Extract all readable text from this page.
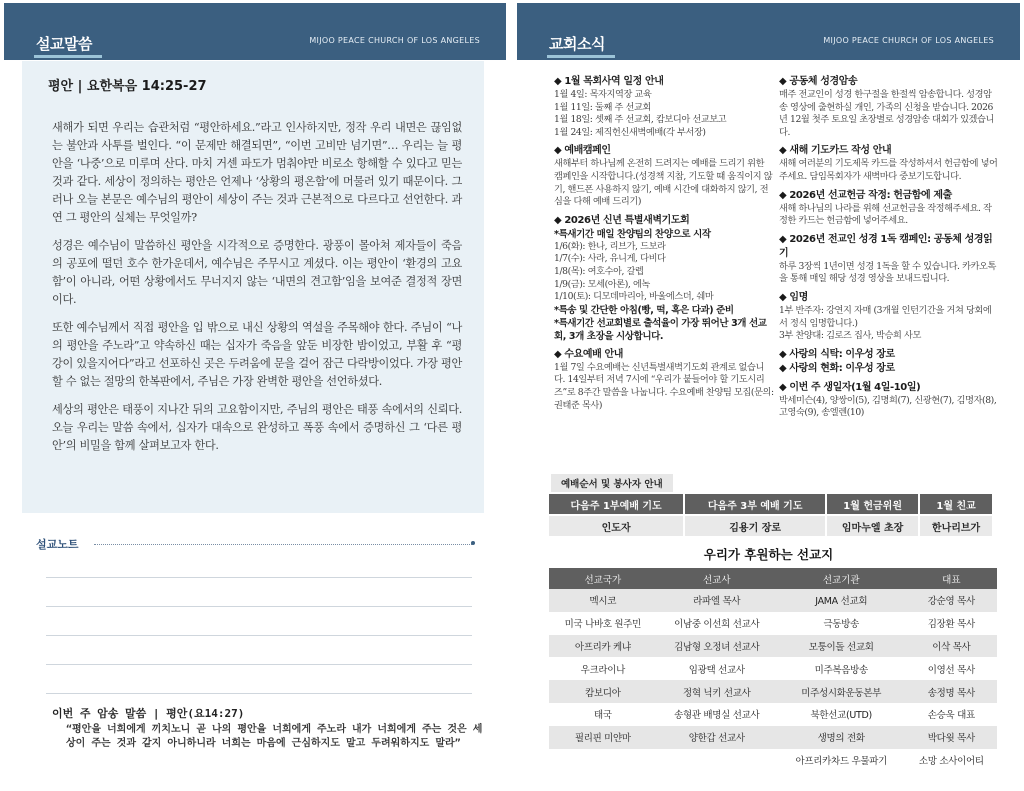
설교말씀	MIJOO PEACE CHURCH OF LOS ANGELES
평안 | 요한복음 14:25-27

새해가 되면 우리는 습관처럼 “평안하세요.”라고 인사하지만, 정작 우리 내면은 끊임없는 불안과 사투를 벌인다. “이 문제만 해결되면”, “이번 고비만 넘기면”… 우리는 늘 평안을 ‘나중’으로 미루며 산다. 마치 거센 파도가 멈춰야만 비로소 항해할 수 있다고 믿는 것과 같다. 세상이 정의하는 평안은 언제나 ‘상황의 평온함’에 머물러 있기 때문이다. 그러나 오늘 본문은 예수님의 평안이 세상이 주는 것과 근본적으로 다르다고 선언한다. 과연 그 평안의 실체는 무엇일까?

성경은 예수님이 말씀하신 평안을 시각적으로 증명한다. 광풍이 몰아쳐 제자들이 죽음의 공포에 떨던 호수 한가운데서, 예수님은 주무시고 계셨다. 이는 평안이 ‘환경의 고요함’이 아니라, 어떤 상황에서도 무너지지 않는 ‘내면의 견고함’임을 보여준 결정적 장면이다.

또한 예수님께서 직접 평안을 입 밖으로 내신 상황의 역설을 주목해야 한다. 주님이 “나의 평안을 주노라”고 약속하신 때는 십자가 죽음을 앞둔 비장한 밤이었고, 부활 후 “평강이 있을지어다”라고 선포하신 곳은 두려움에 문을 걸어 잠근 다락방이었다. 가장 평안할 수 없는 절망의 한복판에서, 주님은 가장 완벽한 평안을 선언하셨다.

세상의 평안은 태풍이 지나간 뒤의 고요함이지만, 주님의 평안은 태풍 속에서의 신뢰다. 오늘 우리는 말씀 속에서, 십자가 대속으로 완성하고 폭풍 속에서 증명하신 그 ‘다른 평안’의 비밀을 함께 살펴보고자 한다.

설교노트
이번 주 암송 말씀 | 평안(요14:27)
“평안을 너희에게 끼치노니 곧 나의 평안을 너희에게 주노라 내가 너희에게 주는 것은 세상이 주는 것과 같지 아니하니라 너희는 마음에 근심하지도 말고 두려워하지도 말라”
교회소식	MIJOO PEACE CHURCH OF LOS ANGELES
◆ 1월 목회사역 일정 안내
1월 4일: 목자지역장 교육
1월 11일: 둘째 주 선교회
1월 18일: 셋째 주 선교회, 캄보디아 선교보고
1월 24일: 제직헌신새벽예배(각 부서장)
◆ 예배캠페인
새해부터 하나님께 온전히 드려지는 예배를 드리기 위한 캠페인을 시작합니다.(성경책 지참, 기도할 때 움직이지 않기, 핸드폰 사용하지 않기, 예배 시간에 대화하지 않기, 전심을 다해 예배 드리기)
◆ 2026년 신년 특별새벽기도회
*특새기간 매일 찬양팀의 찬양으로 시작
1/6(화): 한나, 리브가, 드보라
1/7(수): 사라, 유니게, 다비다
1/8(목): 여호수아, 갈렙
1/9(금): 모세(아론), 에녹
1/10(토): 디모데마리아, 바울에스더, 쉐마
*특송 및 간단한 아침(빵, 떡, 혹은 다과) 준비
*특새기간 선교회별로 출석율이 가장 뛰어난 3개 선교회, 3개 초장을 시상합니다.
◆ 수요예배 안내
1월 7일 수요예배는 신년특별새벽기도회 관계로 없습니다. 14일부터 저녁 7시에 “우리가 붙들어야 할 기도시리즈”로 8주간 말씀을 나눕니다. 수요예배 찬양팀 모집(문의: 권태준 목사)
◆ 공동체 성경암송
매주 전교인이 성경 한구절을 한절씩 암송합니다. 성경암송 영상에 출현하실 개인, 가족의 신청을 받습니다. 2026년 12월 첫주 토요일 초장별로 성경암송 대회가 있겠습니다.
◆ 새해 기도카드 작성 안내
새해 여러분의 기도제목 카드를 작성하셔서 헌금함에 넣어주세요. 담임목회자가 새벽마다 중보기도합니다.
◆ 2026년 선교헌금 작정: 헌금함에 제출
새해 하나님의 나라를 위해 선교헌금을 작정해주세요. 작정한 카드는 헌금함에 넣어주세요.
◆ 2026년 전교인 성경 1독 캠페인: 공동체 성경읽기
하루 3장씩 1년이면 성경 1독을 할 수 있습니다. 카카오톡을 통해 매일 해당 성경 영상을 보내드립니다.
◆ 임명
1부 반주자: 강연지 자매 (3개월 인턴기간을 거쳐 당회에서 정식 임명합니다.)
3부 찬양대: 김로즈 집사, 박승희 사모
◆ 사랑의 식탁: 이우성 장로
◆ 사랑의 현화: 이우성 장로
◆ 이번 주 생일자(1월 4일-10일)
박세미슨(4), 양쌍이(5), 김명희(7), 신광현(7), 김명자(8), 고영숙(9), 송엘렌(10)
예배순서 및 봉사자 안내
다음주 1부예배 기도	다음주 3부 예배 기도	1월 헌금위원	1월 친교
인도자	김용기 장로	임마누엘 초장	한나리브가
우리가 후원하는 선교지
선교국가	선교사	선교기관	대표
멕시코	라파엘 목사	JAMA 선교회	강순영 목사
미국 나바호 원주민	이남중 이선희 선교사	극동방송	김장환 목사
아프리카 케냐	김남형 오정녀 선교사	모퉁이돌 선교회	이삭 목사
우크라이나	임광택 선교사	미주복음방송	이영선 목사
캄보디아	정혁 닉키 선교사	미주성시화운동본부	송정명 목사
태국	송형관 배명실 선교사	북한선교(UTD)	손승욱 대표
필리핀 미얀마	양한갑 선교사	생명의 전화	박다윗 목사
		아프리카차드 우물파기	소망 소사이어티
